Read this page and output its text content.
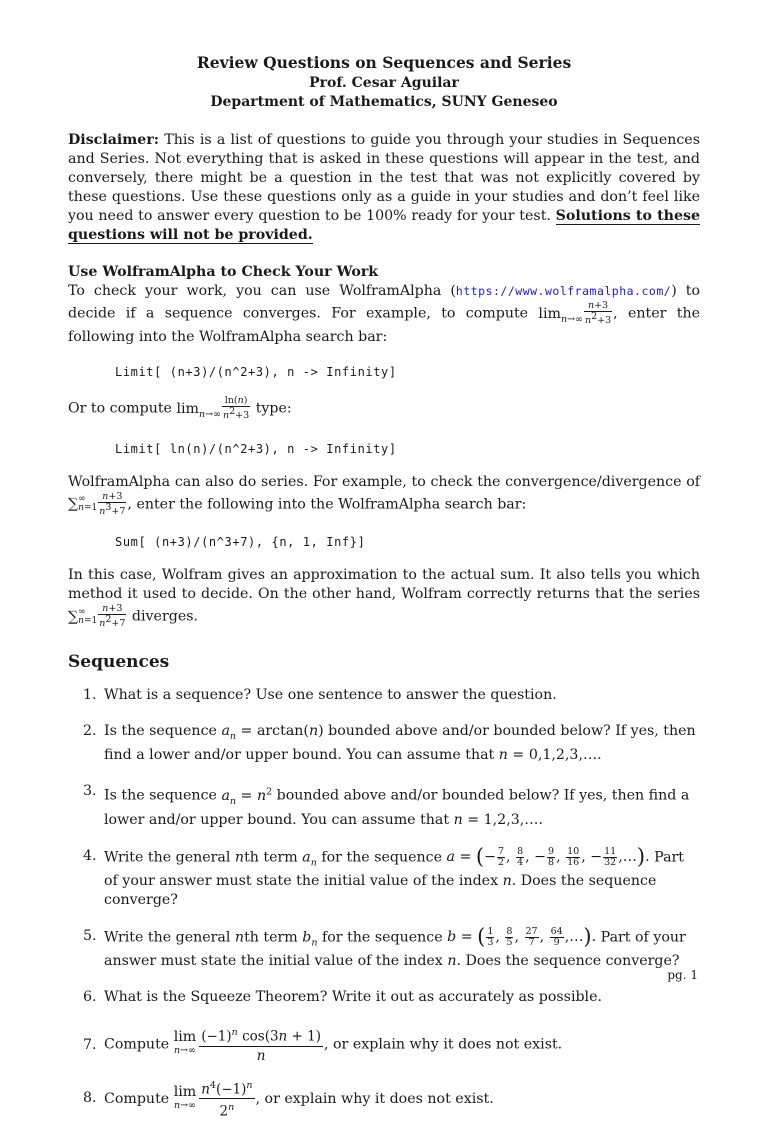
Review Questions on Sequences and Series
Prof. Cesar Aguilar
Department of Mathematics, SUNY Geneseo

Disclaimer: This is a list of questions to guide you through your studies in Sequences and Series. Not everything that is asked in these questions will appear in the test, and conversely, there might be a question in the test that was not explicitly covered by these questions. Use these questions only as a guide in your studies and don’t feel like you need to answer every question to be 100% ready for your test. Solutions to these questions will not be provided.

Use WolframAlpha to Check Your Work

To check your work, you can use WolframAlpha (https://www.wolframalpha.com/) to decide if a sequence converges. For example, to compute $\lim_{n\to\infty} \frac{n+3}{n^2+3}$ , enter the following into the WolframAlpha search bar:

Limit[ (n+3)/(n^2+3), n -> Infinity]

Or to compute $\lim_{n\to\infty} \frac{\ln(n)}{n^2+3}$ type:

Limit[ ln(n)/(n^2+3), n -> Infinity]

WolframAlpha can also do series. For example, to check the convergence/divergence of ∑ ∞
$n=1 \frac{n+3}{n^3+7}$ , enter the following into the WolframAlpha search bar:

Sum[ (n+3)/(n^3+7), {n, 1, Inf}]

In this case, Wolfram gives an approximation to the actual sum. It also tells you which method it used to decide. On the other hand, Wolfram correctly returns that the series ∑ ∞
$n=1 \frac{n+3}{n^2+7}$ diverges.

Sequences
1. What is a sequence? Use one sentence to answer the question.
2. Is the sequence $a_n = \arctan(n)$ bounded above and/or bounded below? If yes, then find a lower and/or upper bound. You can assume that n = 0,1,2,3,….
3. Is the sequence $a_n = n^2$ bounded above and/or bounded below? If yes, then find a lower and/or upper bound. You can assume that n = 1,2,3,….
4. Write the general nth term $a_n$ for the sequence a = (− $\frac{7}{2}$ , $\frac{8}{4}$ , − $\frac{9}{8}$ , $\frac{10}{16}$ , − $\frac{11}{32}$ ,…). Part of your answer must state the initial value of the index n. Does the sequence converge?
5. Write the general nth term $b_n$ for the sequence b = ( $\frac{1}{3}$ , $\frac{8}{5}$ , $\frac{27}{7}$ , $\frac{64}{9}$ ,…). Part of your answer must state the initial value of the index n. Does the sequence converge?
6. What is the Squeeze Theorem? Write it out as accurately as possible.
7. Compute lim
$n\to\infty \frac{(-1)^n \cos(3n + 1)}{n}$ , or explain why it does not exist.
8. Compute lim
$n\to\infty \frac{n^4(-1)^n}{2^n}$ , or explain why it does not exist.
pg. 1
